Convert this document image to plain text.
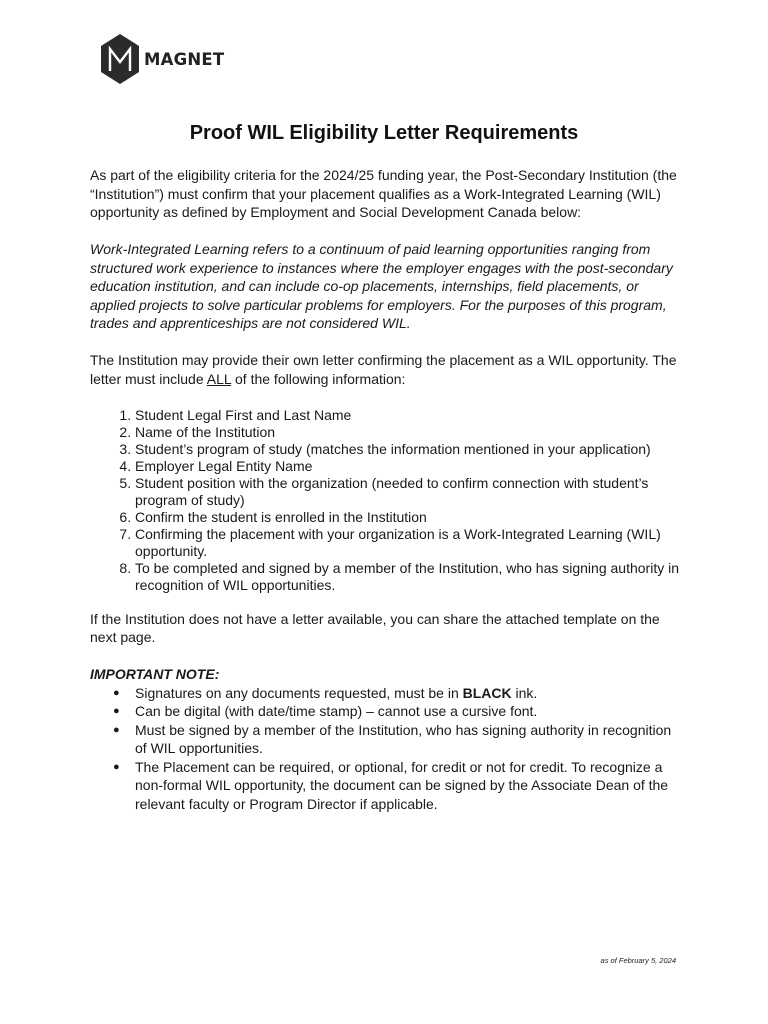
MAGNET
Proof WIL Eligibility Letter Requirements

As part of the eligibility criteria for the 2024/25 funding year, the Post-Secondary Institution (the “Institution”) must confirm that your placement qualifies as a Work-Integrated Learning (WIL) opportunity as defined by Employment and Social Development Canada below:

Work-Integrated Learning refers to a continuum of paid learning opportunities ranging from structured work experience to instances where the employer engages with the post-secondary education institution, and can include co-op placements, internships, field placements, or applied projects to solve particular problems for employers. For the purposes of this program, trades and apprenticeships are not considered WIL.

The Institution may provide their own letter confirming the placement as a WIL opportunity. The letter must include ALL of the following information:

1. Student Legal First and Last Name
2. Name of the Institution
3. Student’s program of study (matches the information mentioned in your application)
4. Employer Legal Entity Name
5. Student position with the organization (needed to confirm connection with student’s program of study)
6. Confirm the student is enrolled in the Institution
7. Confirming the placement with your organization is a Work-Integrated Learning (WIL) opportunity.
8. To be completed and signed by a member of the Institution, who has signing authority in recognition of WIL opportunities.

If the Institution does not have a letter available, you can share the attached template on the next page.

IMPORTANT NOTE:

● Signatures on any documents requested, must be in BLACK ink.
● Can be digital (with date/time stamp) – cannot use a cursive font.
● Must be signed by a member of the Institution, who has signing authority in recognition of WIL opportunities.
● The Placement can be required, or optional, for credit or not for credit. To recognize a non-formal WIL opportunity, the document can be signed by the Associate Dean of the relevant faculty or Program Director if applicable.
as of February 5, 2024
